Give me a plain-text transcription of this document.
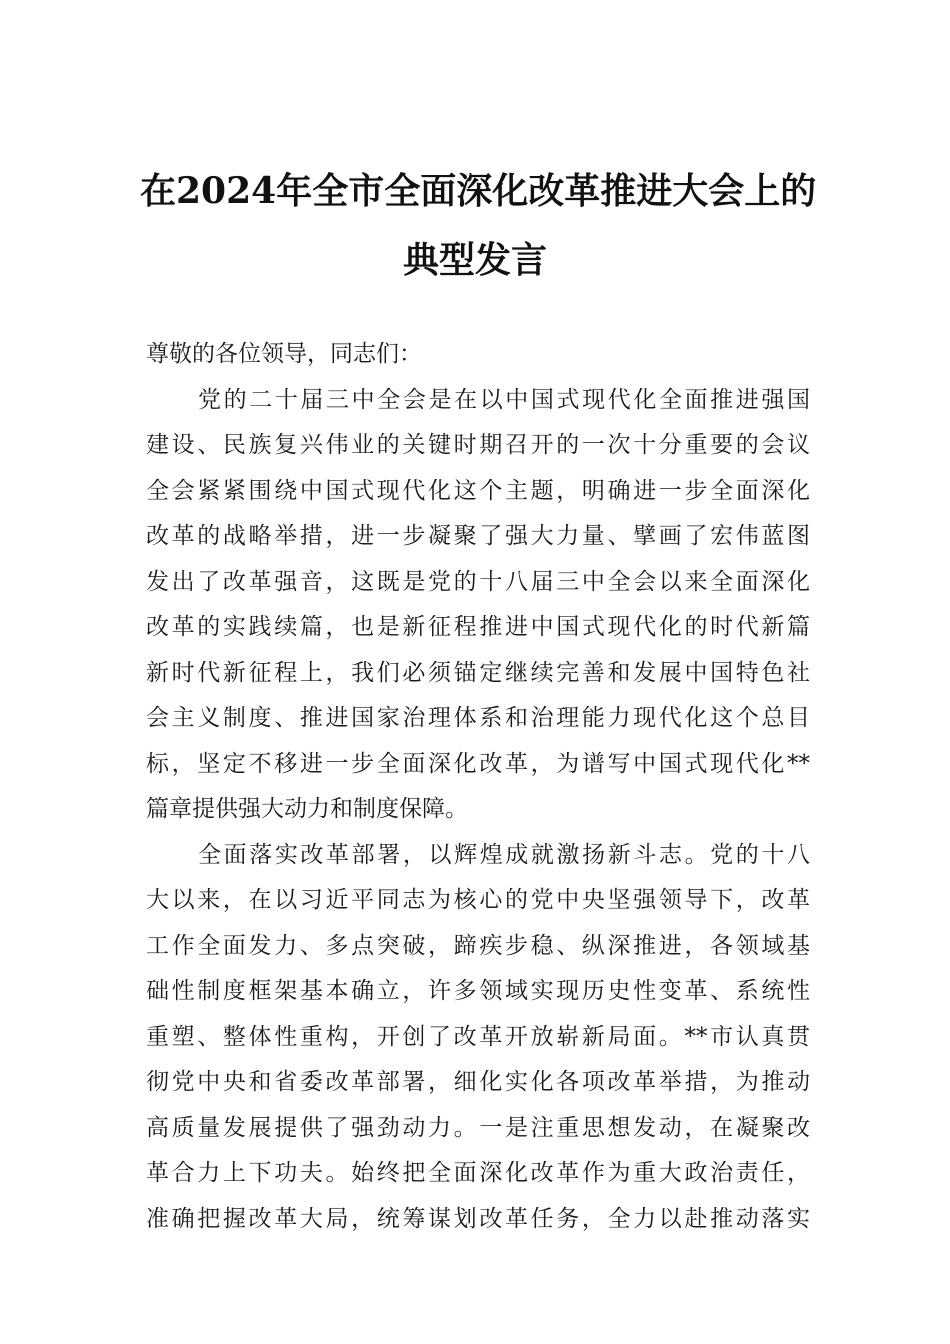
在2024年全市全面深化改革推进大会上的
典型发言
尊敬的各位领导，同志们：
党的二十届三中全会是在以中国式现代化全面推进强国
建设、民族复兴伟业的关键时期召开的一次十分重要的会议
全会紧紧围绕中国式现代化这个主题，明确进一步全面深化
改革的战略举措，进一步凝聚了强大力量、擘画了宏伟蓝图
发出了改革强音，这既是党的十八届三中全会以来全面深化
改革的实践续篇，也是新征程推进中国式现代化的时代新篇
新时代新征程上，我们必须锚定继续完善和发展中国特色社
会主义制度、推进国家治理体系和治理能力现代化这个总目
标，坚定不移进一步全面深化改革，为谱写中国式现代化**
篇章提供强大动力和制度保障。
全面落实改革部署，以辉煌成就激扬新斗志。党的十八
大以来，在以习近平同志为核心的党中央坚强领导下，改革
工作全面发力、多点突破，蹄疾步稳、纵深推进，各领域基
础性制度框架基本确立，许多领域实现历史性变革、系统性
重塑、整体性重构，开创了改革开放崭新局面。**市认真贯
彻党中央和省委改革部署，细化实化各项改革举措，为推动
高质量发展提供了强劲动力。一是注重思想发动，在凝聚改
革合力上下功夫。始终把全面深化改革作为重大政治责任，
准确把握改革大局，统筹谋划改革任务，全力以赴推动落实
